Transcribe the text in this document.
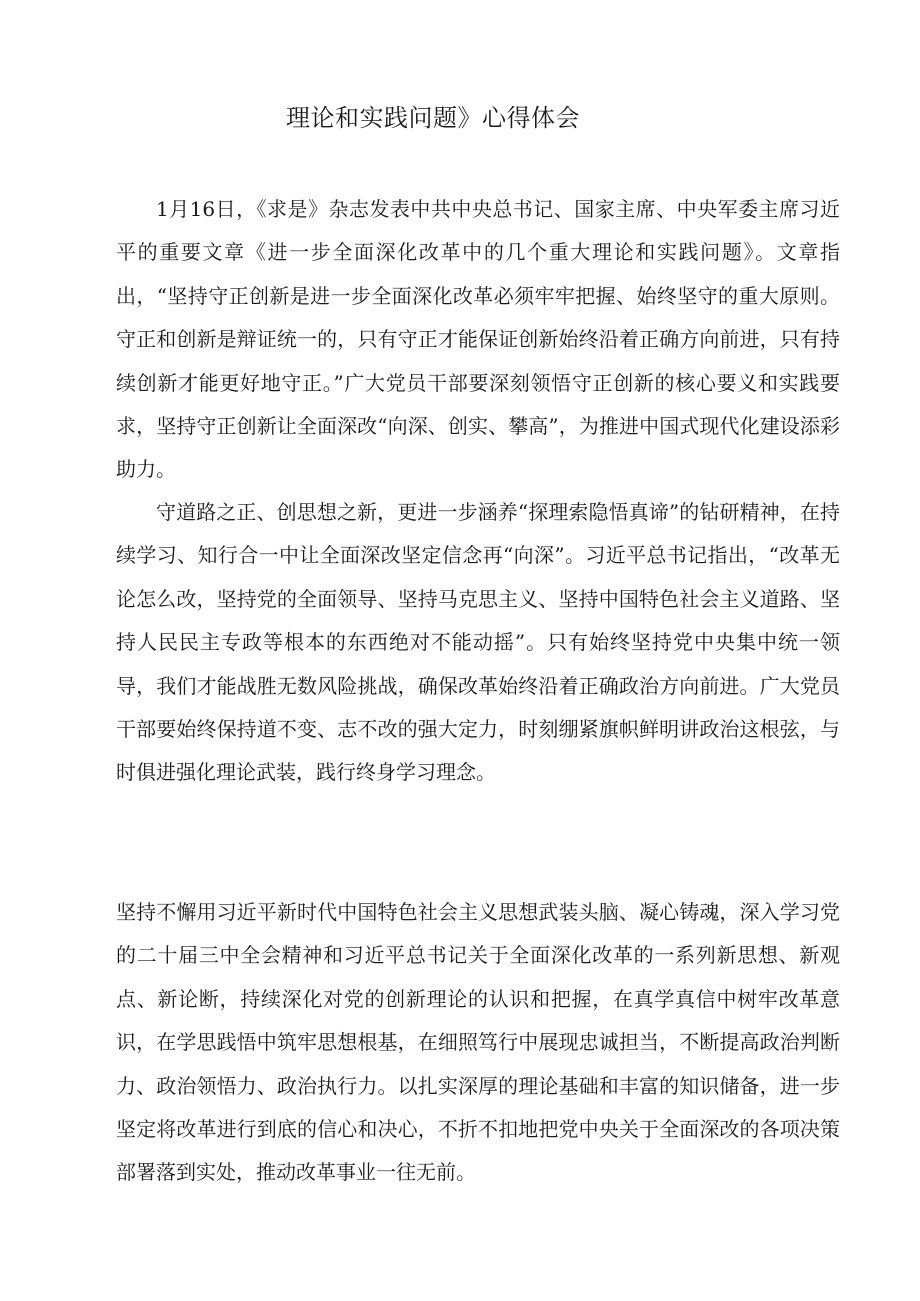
理论和实践问题》心得体会

1月16日，《求是》杂志发表中共中央总书记、国家主席、中央军委主席习近平的重要文章《进一步全面深化改革中的几个重大理论和实践问题》。文章指出，“坚持守正创新是进一步全面深化改革必须牢牢把握、始终坚守的重大原则。守正和创新是辩证统一的，只有守正才能保证创新始终沿着正确方向前进，只有持续创新才能更好地守正。”广大党员干部要深刻领悟守正创新的核心要义和实践要求，坚持守正创新让全面深改“向深、创实、攀高”，为推进中国式现代化建设添彩助力。

守道路之正、创思想之新，更进一步涵养“探理索隐悟真谛”的钻研精神，在持续学习、知行合一中让全面深改坚定信念再“向深”。习近平总书记指出，“改革无论怎么改，坚持党的全面领导、坚持马克思主义、坚持中国特色社会主义道路、坚持人民民主专政等根本的东西绝对不能动摇”。只有始终坚持党中央集中统一领导，我们才能战胜无数风险挑战，确保改革始终沿着正确政治方向前进。广大党员干部要始终保持道不变、志不改的强大定力，时刻绷紧旗帜鲜明讲政治这根弦，与时俱进强化理论武装，践行终身学习理念。

坚持不懈用习近平新时代中国特色社会主义思想武装头脑、凝心铸魂，深入学习党的二十届三中全会精神和习近平总书记关于全面深化改革的一系列新思想、新观点、新论断，持续深化对党的创新理论的认识和把握，在真学真信中树牢改革意识，在学思践悟中筑牢思想根基，在细照笃行中展现忠诚担当，不断提高政治判断力、政治领悟力、政治执行力。以扎实深厚的理论基础和丰富的知识储备，进一步坚定将改革进行到底的信心和决心，不折不扣地把党中央关于全面深改的各项决策部署落到实处，推动改革事业一往无前。
